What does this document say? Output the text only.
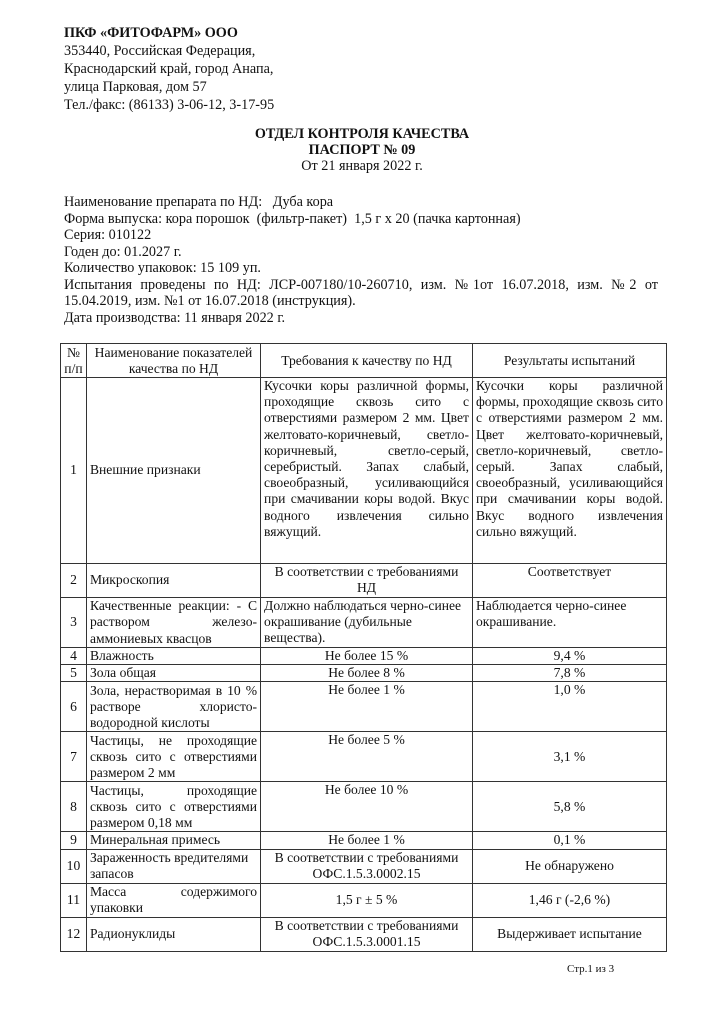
ПКФ «ФИТОФАРМ» ООО
353440, Российская Федерация,
Краснодарский край, город Анапа,
улица Парковая, дом 57
Тел./факс: (86133) 3-06-12, 3-17-95
ОТДЕЛ КОНТРОЛЯ КАЧЕСТВА
ПАСПОРТ № 09
От 21 января 2022 г.
Наименование препарата по НД:   Дуба кора
Форма выпуска: кора порошок  (фильтр-пакет)  1,5 г х 20 (пачка картонная)
Серия: 010122
Годен до: 01.2027 г.
Количество упаковок: 15 109 уп.
Испытания проведены по НД: ЛСР-007180/10-260710, изм. №1от 16.07.2018, изм. №2 от
15.04.2019, изм. №1 от 16.07.2018 (инструкция).
Дата производства: 11 января 2022 г.
№ п/п	Наименование показателей качества по НД	Требования к качеству по НД	Результаты испытаний
1	Внешние признаки	Кусочки коры различной формы, проходящие сквозь сито с отверстиями размером 2 мм. Цвет желтовато-коричневый, светло-коричневый, светло-серый, серебристый. Запах слабый, своеобразный, усиливающийся при смачивании коры водой. Вкус водного извлечения сильно вяжущий.	Кусочки коры различной формы, проходящие сквозь сито с отверстиями размером 2 мм. Цвет желтовато-коричневый, светло-коричневый, светло-серый. Запах слабый, своеобразный, усиливающийся при смачивании коры водой. Вкус водного извлечения сильно вяжущий.
2	Микроскопия	В соответствии с требованиями НД	Соответствует
3	Качественные реакции: - С раствором железо-аммониевых квасцов	Должно наблюдаться черно-синее окрашивание (дубильные вещества).	Наблюдается черно-синее окрашивание.
4	Влажность	Не более 15 %	9,4 %
5	Зола общая	Не более 8 %	7,8 %
6	Зола, нерастворимая в 10 % растворе хлористо-водородной кислоты	Не более 1 %	1,0 %
7	Частицы, не проходящие сквозь сито с отверстиями размером 2 мм	Не более 5 %	3,1 %
8	Частицы, проходящие сквозь сито с отверстиями размером 0,18 мм	Не более 10 %	5,8 %
9	Минеральная примесь	Не более 1 %	0,1 %
10	Зараженность вредителями запасов	В соответствии с требованиями ОФС.1.5.3.0002.15	Не обнаружено
11	Масса содержимого упаковки	1,5 г ± 5 %	1,46 г (-2,6 %)
12	Радионуклиды	В соответствии с требованиями ОФС.1.5.3.0001.15	Выдерживает испытание
Стр.1 из 3
